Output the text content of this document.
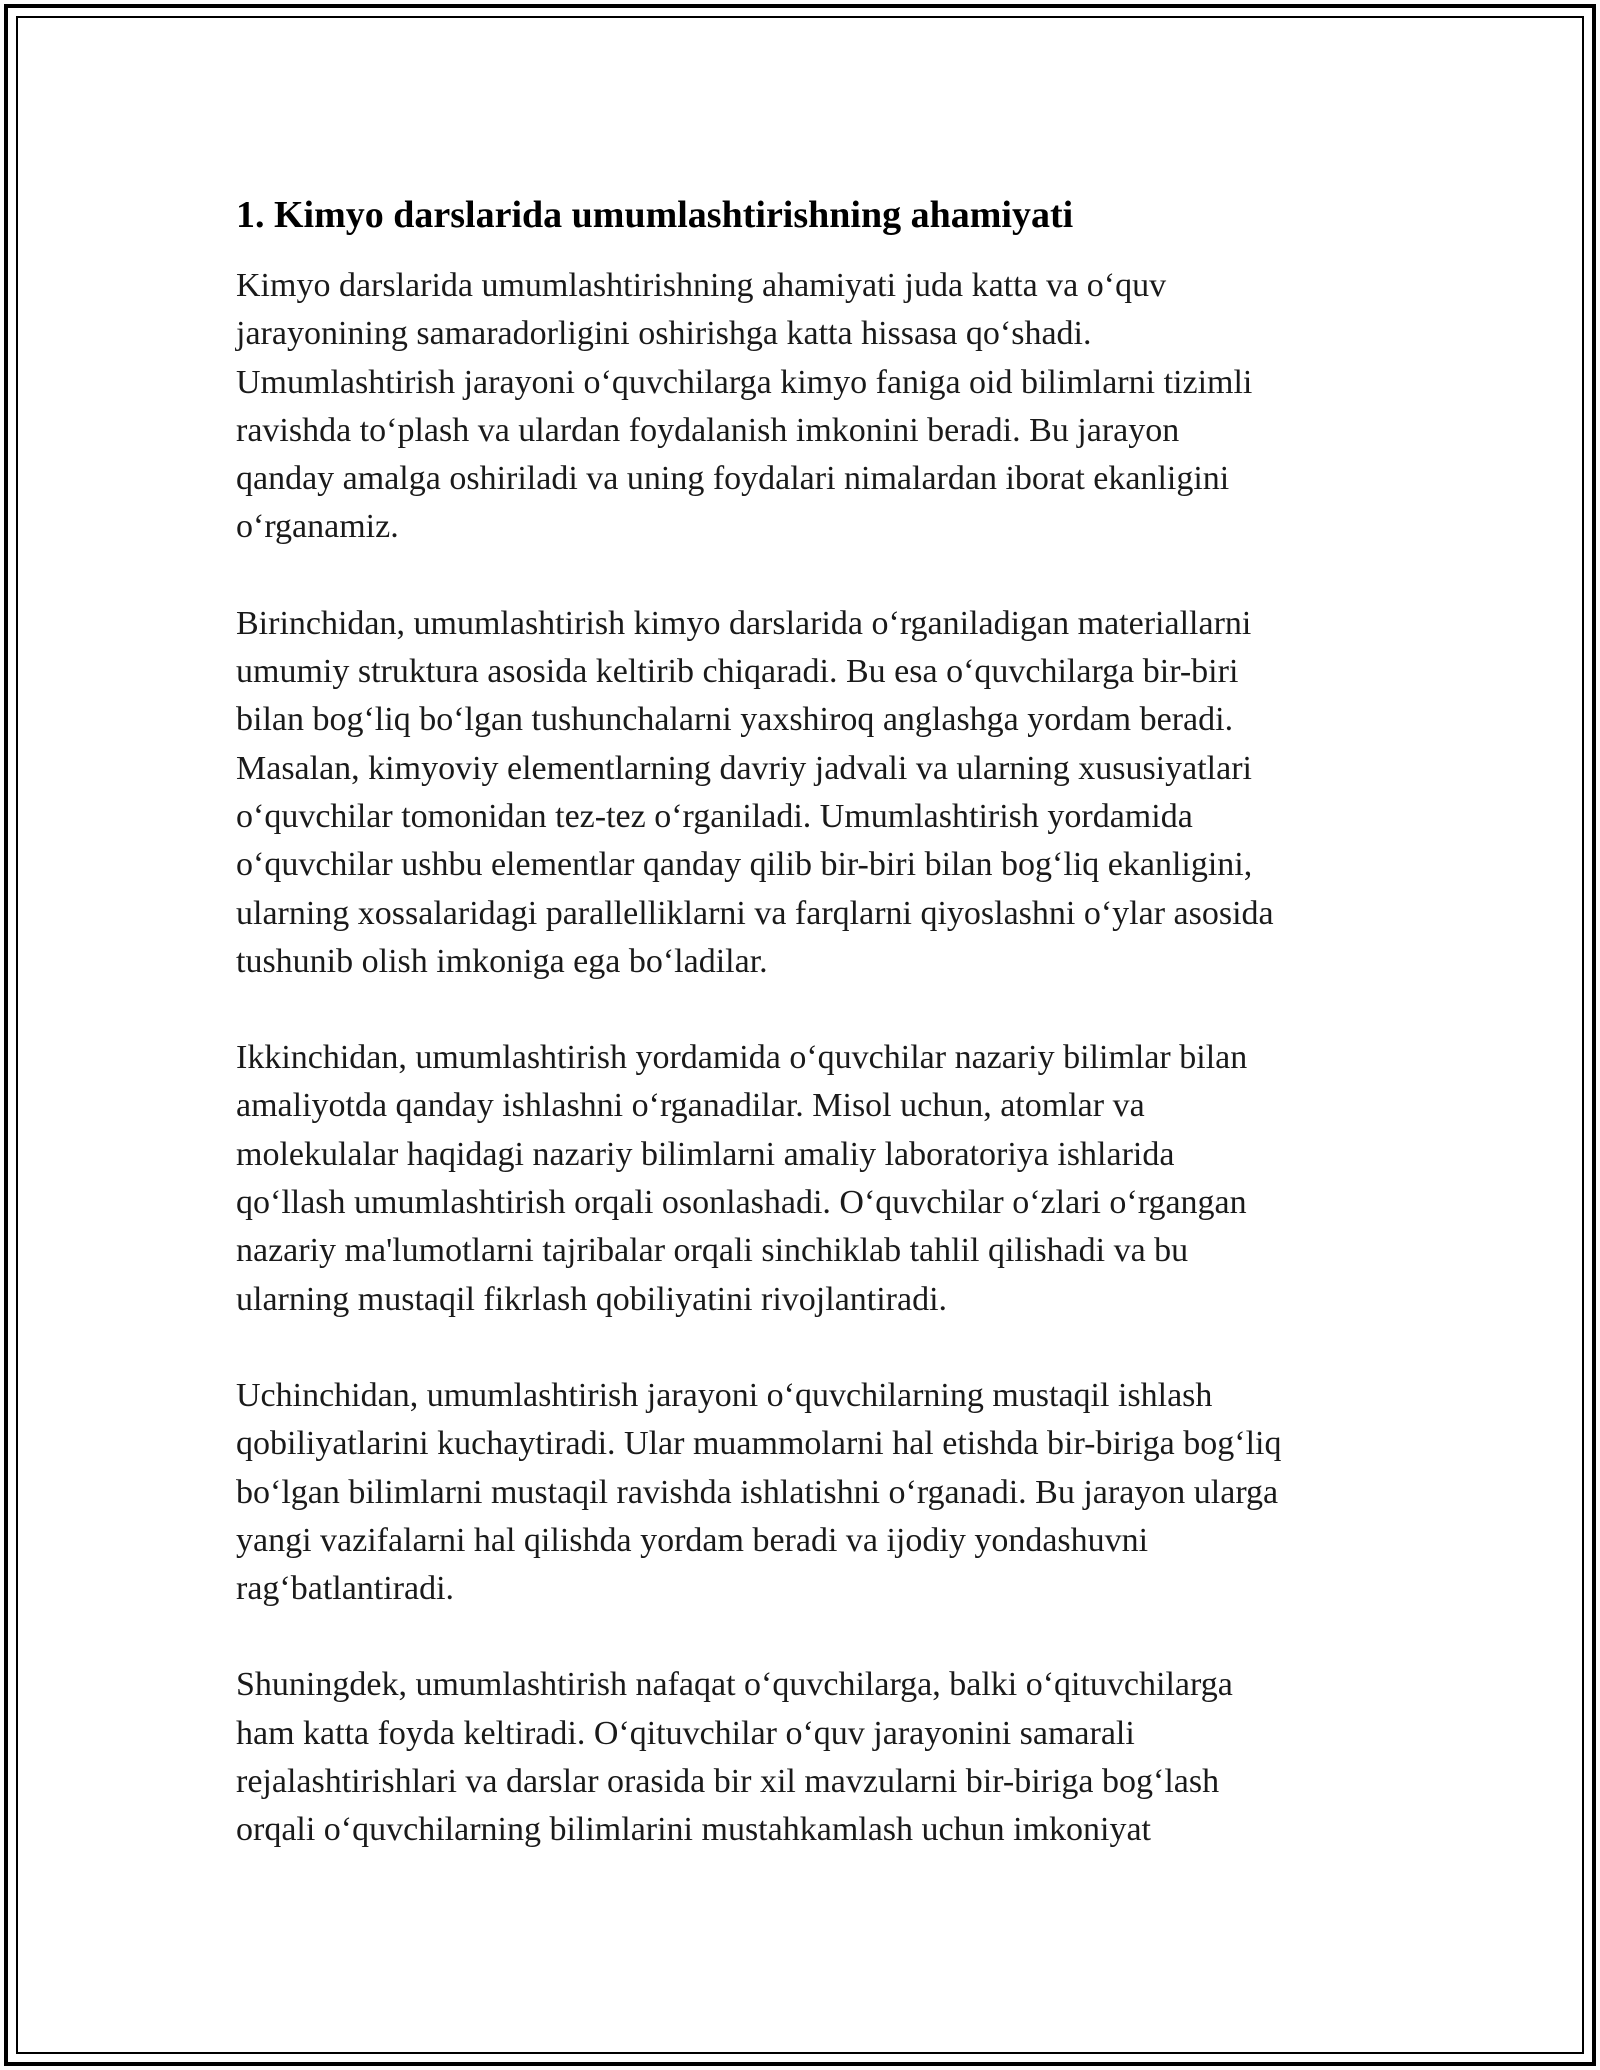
1. Kimyo darslarida umumlashtirishning ahamiyati

Kimyo darslarida umumlashtirishning ahamiyati juda katta va o‘quv
jarayonining samaradorligini oshirishga katta hissasa qo‘shadi.
Umumlashtirish jarayoni o‘quvchilarga kimyo faniga oid bilimlarni tizimli
ravishda to‘plash va ulardan foydalanish imkonini beradi. Bu jarayon
qanday amalga oshiriladi va uning foydalari nimalardan iborat ekanligini
o‘rganamiz.

Birinchidan, umumlashtirish kimyo darslarida o‘rganiladigan materiallarni
umumiy struktura asosida keltirib chiqaradi. Bu esa o‘quvchilarga bir-biri
bilan bog‘liq bo‘lgan tushunchalarni yaxshiroq anglashga yordam beradi.
Masalan, kimyoviy elementlarning davriy jadvali va ularning xususiyatlari
o‘quvchilar tomonidan tez-tez o‘rganiladi. Umumlashtirish yordamida
o‘quvchilar ushbu elementlar qanday qilib bir-biri bilan bog‘liq ekanligini,
ularning xossalaridagi parallelliklarni va farqlarni qiyoslashni o‘ylar asosida
tushunib olish imkoniga ega bo‘ladilar.

Ikkinchidan, umumlashtirish yordamida o‘quvchilar nazariy bilimlar bilan
amaliyotda qanday ishlashni o‘rganadilar. Misol uchun, atomlar va
molekulalar haqidagi nazariy bilimlarni amaliy laboratoriya ishlarida
qo‘llash umumlashtirish orqali osonlashadi. O‘quvchilar o‘zlari o‘rgangan
nazariy ma'lumotlarni tajribalar orqali sinchiklab tahlil qilishadi va bu
ularning mustaqil fikrlash qobiliyatini rivojlantiradi.

Uchinchidan, umumlashtirish jarayoni o‘quvchilarning mustaqil ishlash
qobiliyatlarini kuchaytiradi. Ular muammolarni hal etishda bir-biriga bog‘liq
bo‘lgan bilimlarni mustaqil ravishda ishlatishni o‘rganadi. Bu jarayon ularga
yangi vazifalarni hal qilishda yordam beradi va ijodiy yondashuvni
rag‘batlantiradi.

Shuningdek, umumlashtirish nafaqat o‘quvchilarga, balki o‘qituvchilarga
ham katta foyda keltiradi. O‘qituvchilar o‘quv jarayonini samarali
rejalashtirishlari va darslar orasida bir xil mavzularni bir-biriga bog‘lash
orqali o‘quvchilarning bilimlarini mustahkamlash uchun imkoniyat
